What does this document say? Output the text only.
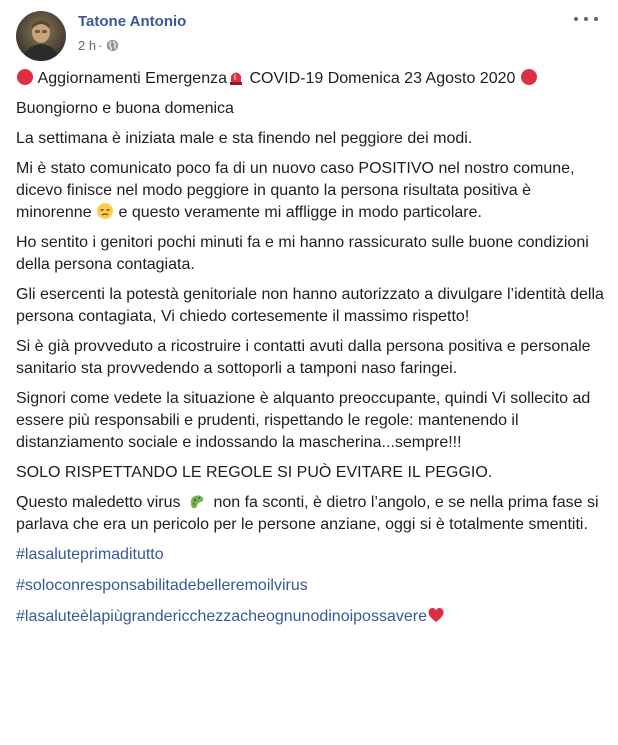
Tatone Antonio
2 h ·

Aggiornamenti Emergenza COVID-19 Domenica 23 Agosto 2020

Buongiorno e buona domenica

La settimana è iniziata male e sta finendo nel peggiore dei modi.

Mi è stato comunicato poco fa di un nuovo caso POSITIVO nel nostro comune, dicevo finisce nel modo peggiore in quanto la persona risultata positiva è minorenne e questo veramente mi affligge in modo particolare.

Ho sentito i genitori pochi minuti fa e mi hanno rassicurato sulle buone condizioni della persona contagiata.

Gli esercenti la potestà genitoriale non hanno autorizzato a divulgare l’identità della persona contagiata, Vi chiedo cortesemente il massimo rispetto!

Si è già provveduto a ricostruire i contatti avuti dalla persona positiva e personale sanitario sta provvedendo a sottoporli a tamponi naso faringei.

Signori come vedete la situazione è alquanto preoccupante, quindi Vi sollecito ad essere più responsabili e prudenti, rispettando le regole: mantenendo il distanziamento sociale e indossando la mascherina...sempre!!!

SOLO RISPETTANDO LE REGOLE SI PUÒ EVITARE IL PEGGIO.

Questo maledetto virus non fa sconti, è dietro l’angolo, e se nella prima fase si parlava che era un pericolo per le persone anziane, oggi si è totalmente smentiti.

#lasaluteprimaditutto

#soloconresponsabilitadebelleremoilvirus

#lasaluteèlapiùgrandericchezzacheognunodinoipossavere
